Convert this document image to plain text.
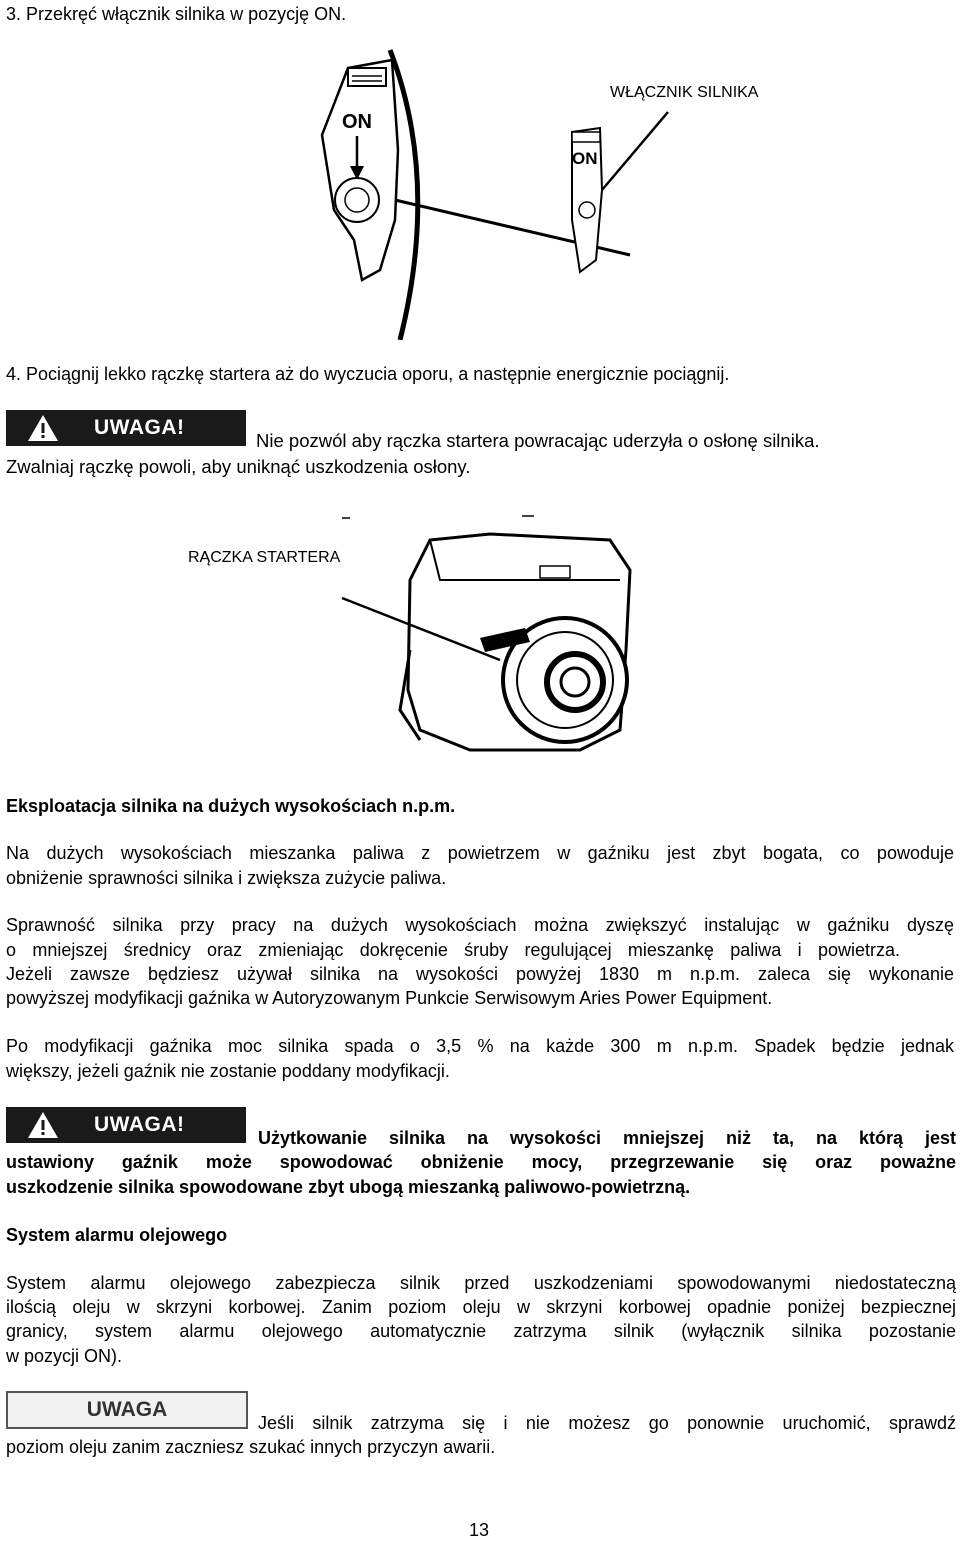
3. Przekręć włącznik silnika w pozycję ON.
ON
ON
WŁĄCZNIK SILNIKA
4. Pociągnij lekko rączkę startera aż do wyczucia oporu, a następnie energicznie pociągnij.
UWAGA!
Nie pozwól aby rączka startera powracając uderzyła o osłonę silnika.
Zwalniaj rączkę powoli, aby uniknąć uszkodzenia osłony.
RĄCZKA STARTERA
Eksploatacja silnika na dużych wysokościach n.p.m.
Na dużych wysokościach mieszanka paliwa z powietrzem w gaźniku jest zbyt bogata, co powoduje
obniżenie sprawności silnika i zwiększa zużycie paliwa.
Sprawność silnika przy pracy na dużych wysokościach można zwiększyć instalując w gaźniku dyszę
o mniejszej średnicy oraz zmieniając dokręcenie śruby regulującej mieszankę paliwa i powietrza.
Jeżeli zawsze będziesz używał silnika na wysokości powyżej 1830 m n.p.m. zaleca się wykonanie
powyższej modyfikacji gaźnika w Autoryzowanym Punkcie Serwisowym Aries Power Equipment.
Po modyfikacji gaźnika moc silnika spada o 3,5 % na każde 300 m n.p.m. Spadek będzie jednak
większy, jeżeli gaźnik nie zostanie poddany modyfikacji.
UWAGA!
Użytkowanie silnika na wysokości mniejszej niż ta, na którą jest
ustawiony gaźnik może spowodować obniżenie mocy, przegrzewanie się oraz poważne
uszkodzenie silnika spowodowane zbyt ubogą mieszanką paliwowo-powietrzną.
System alarmu olejowego
System alarmu olejowego zabezpiecza silnik przed uszkodzeniami spowodowanymi niedostateczną
ilością oleju w skrzyni korbowej. Zanim poziom oleju w skrzyni korbowej opadnie poniżej bezpiecznej
granicy, system alarmu olejowego automatycznie zatrzyma silnik (wyłącznik silnika pozostanie
w pozycji ON).
UWAGA
Jeśli silnik zatrzyma się i nie możesz go ponownie uruchomić, sprawdź
poziom oleju zanim zaczniesz szukać innych przyczyn awarii.
13
